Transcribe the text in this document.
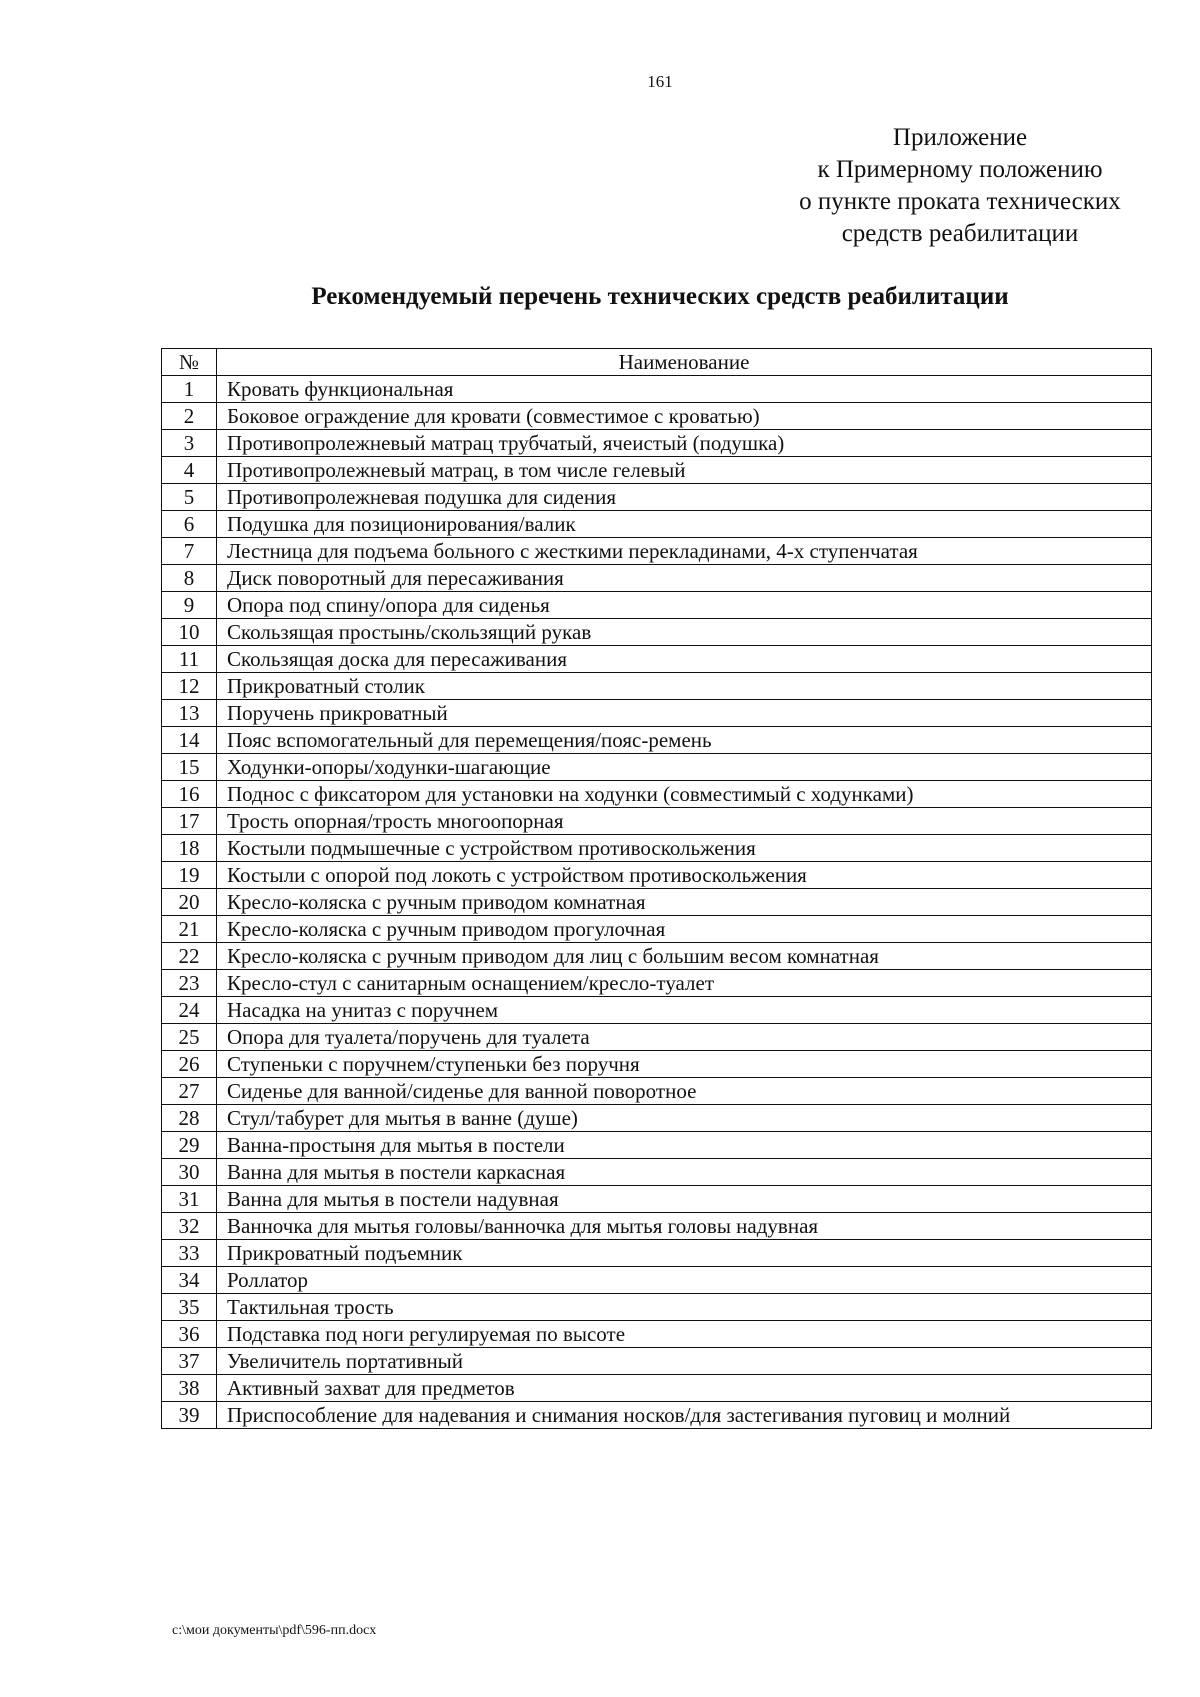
161
Приложение
к Примерному положению
о пункте проката технических
средств реабилитации
Рекомендуемый перечень технических средств реабилитации
№	Наименование
1	Кровать функциональная
2	Боковое ограждение для кровати (совместимое с кроватью)
3	Противопролежневый матрац трубчатый, ячеистый (подушка)
4	Противопролежневый матрац, в том числе гелевый
5	Противопролежневая подушка для сидения
6	Подушка для позиционирования/валик
7	Лестница для подъема больного с жесткими перекладинами, 4-х ступенчатая
8	Диск поворотный для пересаживания
9	Опора под спину/опора для сиденья
10	Скользящая простынь/скользящий рукав
11	Скользящая доска для пересаживания
12	Прикроватный столик
13	Поручень прикроватный
14	Пояс вспомогательный для перемещения/пояс-ремень
15	Ходунки-опоры/ходунки-шагающие
16	Поднос с фиксатором для установки на ходунки (совместимый с ходунками)
17	Трость опорная/трость многоопорная
18	Костыли подмышечные с устройством противоскольжения
19	Костыли с опорой под локоть с устройством противоскольжения
20	Кресло-коляска с ручным приводом комнатная
21	Кресло-коляска с ручным приводом прогулочная
22	Кресло-коляска с ручным приводом для лиц с большим весом комнатная
23	Кресло-стул с санитарным оснащением/кресло-туалет
24	Насадка на унитаз с поручнем
25	Опора для туалета/поручень для туалета
26	Ступеньки с поручнем/ступеньки без поручня
27	Сиденье для ванной/сиденье для ванной поворотное
28	Стул/табурет для мытья в ванне (душе)
29	Ванна-простыня для мытья в постели
30	Ванна для мытья в постели каркасная
31	Ванна для мытья в постели надувная
32	Ванночка для мытья головы/ванночка для мытья головы надувная
33	Прикроватный подъемник
34	Роллатор
35	Тактильная трость
36	Подставка под ноги регулируемая по высоте
37	Увеличитель портативный
38	Активный захват для предметов
39	Приспособление для надевания и снимания носков/для застегивания пуговиц и молний
c:\мои документы\pdf\596-пп.docx
